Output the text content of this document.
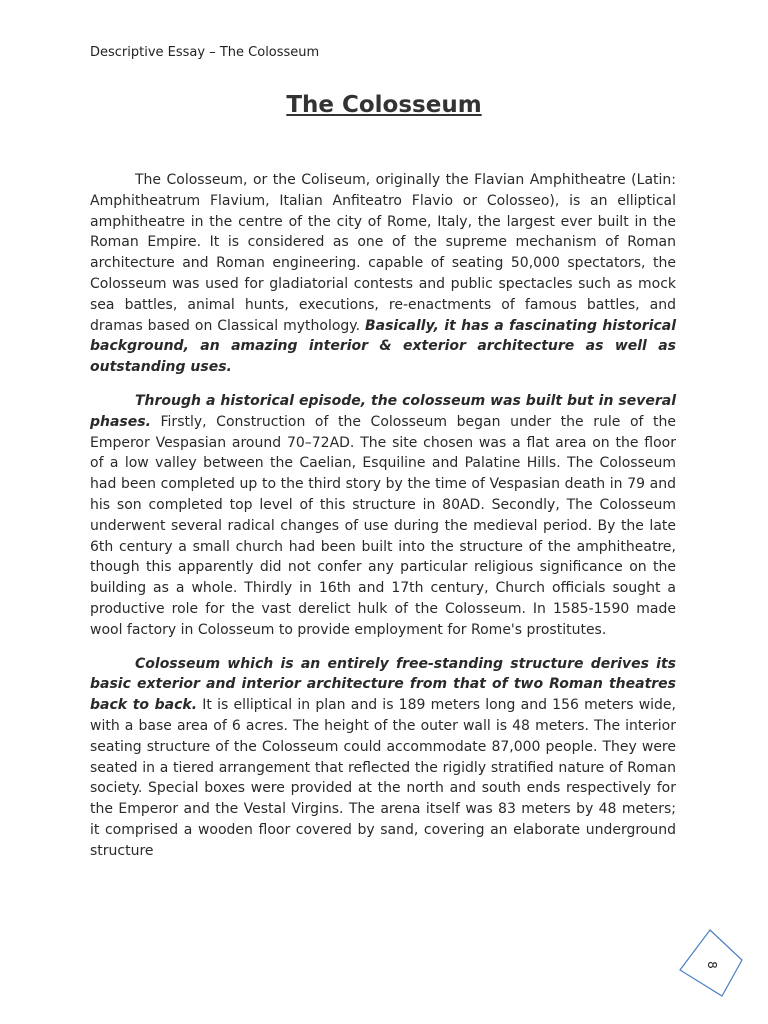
Descriptive Essay – The Colosseum
The Colosseum

The Colosseum, or the Coliseum, originally the Flavian Amphitheatre (Latin: Amphitheatrum Flavium, Italian Anfiteatro Flavio or Colosseo), is an elliptical amphitheatre in the centre of the city of Rome, Italy, the largest ever built in the Roman Empire. It is considered as one of the supreme mechanism of Roman architecture and Roman engineering. capable of seating 50,000 spectators, the Colosseum was used for gladiatorial contests and public spectacles such as mock sea battles, animal hunts, executions, re-enactments of famous battles, and dramas based on Classical mythology. Basically, it has a fascinating historical background, an amazing interior & exterior architecture as well as outstanding uses.

Through a historical episode, the colosseum was built but in several phases. Firstly, Construction of the Colosseum began under the rule of the Emperor Vespasian around 70–72AD. The site chosen was a flat area on the floor of a low valley between the Caelian, Esquiline and Palatine Hills. The Colosseum had been completed up to the third story by the time of Vespasian death in 79 and his son completed top level of this structure in 80AD. Secondly, The Colosseum underwent several radical changes of use during the medieval period. By the late 6th century a small church had been built into the structure of the amphitheatre, though this apparently did not confer any particular religious significance on the building as a whole. Thirdly in 16th and 17th century, Church officials sought a productive role for the vast derelict hulk of the Colosseum. In 1585-1590 made wool factory in Colosseum to provide employment for Rome's prostitutes.

Colosseum which is an entirely free-standing structure derives its basic exterior and interior architecture from that of two Roman theatres back to back. It is elliptical in plan and is 189 meters long and 156 meters wide, with a base area of 6 acres. The height of the outer wall is 48 meters. The interior seating structure of the Colosseum could accommodate 87,000 people. They were seated in a tiered arrangement that reflected the rigidly stratified nature of Roman society. Special boxes were provided at the north and south ends respectively for the Emperor and the Vestal Virgins. The arena itself was 83 meters by 48 meters; it comprised a wooden floor covered by sand, covering an elaborate underground structure

8
